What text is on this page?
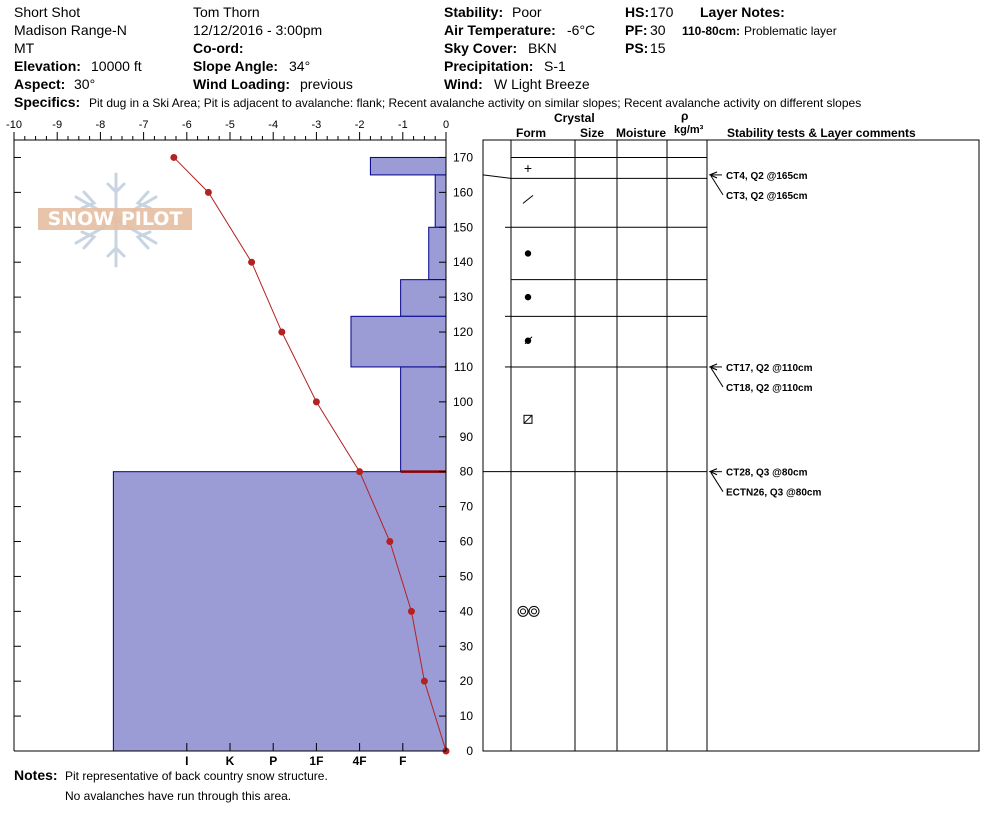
Short Shot
Madison Range-N
MT
Elevation: 10000 ft
Aspect: 30°
Tom Thorn
12/12/2016 - 3:00pm
Co-ord:
Slope Angle: 34°
Wind Loading: previous
Stability: Poor
Air Temperature: -6°C
Sky Cover: BKN
Precipitation: S-1
Wind: W Light Breeze
HS: 170
PF: 30
PS: 15
Layer Notes:
110-80cm: Problematic layer
Specifics: Pit dug in a Ski Area; Pit is adjacent to avalanche: flank; Recent avalanche activity on similar slopes; Recent avalanche activity on different slopes
Crystal
Form	Size Moisture
ρ
kg/m³ Stability tests & Layer comments
SNOW PILOT
-10	-9	-8	-7	-6	-5	-4	-3	-2	-1	0
0
10
20
30
40
50
60
70
80
90
100
110
120
130
140
150
160
170
I	K	P	1F 4F	F
+
CT4, Q2 @165cm
CT3, Q2 @165cm
CT17, Q2 @110cm
CT18, Q2 @110cm
CT28, Q3 @80cm
ECTN26, Q3 @80cm
Notes: Pit representative of back country snow structure.
No avalanches have run through this area.
